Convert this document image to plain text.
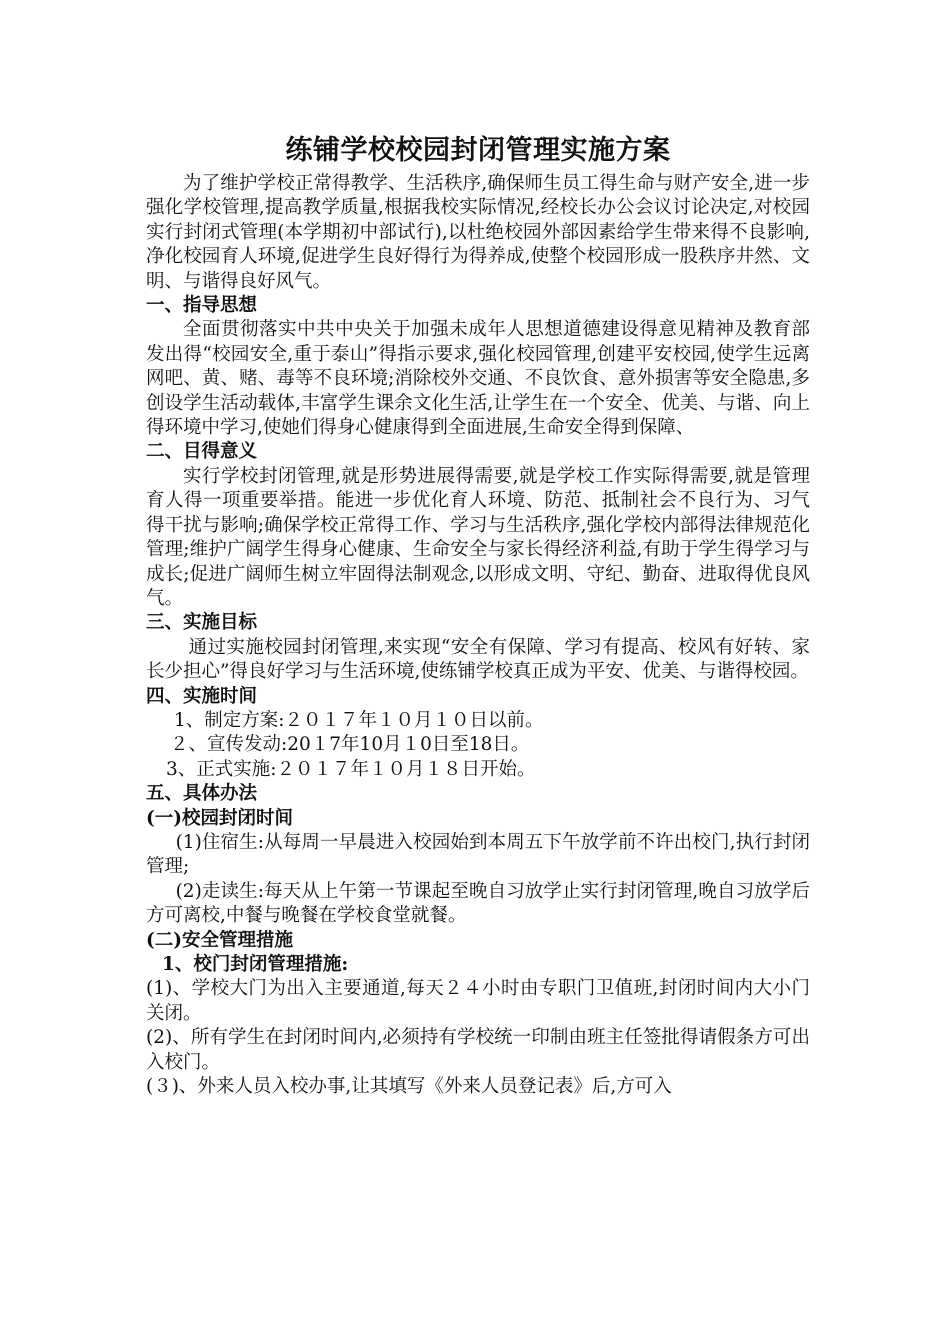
练铺学校校园封闭管理实施方案

为了维护学校正常得教学、生活秩序,确保师生员工得生命与财产安全,进一步强化学校管理,提高教学质量,根据我校实际情况,经校长办公会议讨论决定,对校园实行封闭式管理(本学期初中部试行),以杜绝校园外部因素给学生带来得不良影响,净化校园育人环境,促进学生良好得行为得养成,使整个校园形成一股秩序井然、文明、与谐得良好风气。

一、指导思想

全面贯彻落实中共中央关于加强未成年人思想道德建设得意见精神及教育部发出得“校园安全,重于泰山”得指示要求,强化校园管理,创建平安校园,使学生远离网吧、黄、赌、毒等不良环境;消除校外交通、不良饮食、意外损害等安全隐患,多创设学生活动载体,丰富学生课余文化生活,让学生在一个安全、优美、与谐、向上得环境中学习,使她们得身心健康得到全面进展,生命安全得到保障、

二、目得意义

实行学校封闭管理,就是形势进展得需要,就是学校工作实际得需要,就是管理育人得一项重要举措。能进一步优化育人环境、防范、抵制社会不良行为、习气得干扰与影响;确保学校正常得工作、学习与生活秩序,强化学校内部得法律规范化管理;维护广阔学生得身心健康、生命安全与家长得经济利益,有助于学生得学习与成长;促进广阔师生树立牢固得法制观念,以形成文明、守纪、勤奋、进取得优良风气。

三、实施目标

通过实施校园封闭管理,来实现“安全有保障、学习有提高、校风有好转、家长少担心”得良好学习与生活环境,使练铺学校真正成为平安、优美、与谐得校园。

四、实施时间

1、制定方案:２０１７年１０月１０日以前。

２、宣传发动:20１7年10月１0日至18日。

3、正式实施:２０１７年１０月１８日开始。

五、具体办法
(一)校园封闭时间

(1)住宿生:从每周一早晨进入校园始到本周五下午放学前不许出校门,执行封闭管理;

(2)走读生:每天从上午第一节课起至晚自习放学止实行封闭管理,晚自习放学后方可离校,中餐与晚餐在学校食堂就餐。

(二)安全管理措施
1、校门封闭管理措施:

(1)、学校大门为出入主要通道,每天２４小时由专职门卫值班,封闭时间内大小门关闭。

(2)、所有学生在封闭时间内,必须持有学校统一印制由班主任签批得请假条方可出入校门。

(３)、外来人员入校办事,让其填写《外来人员登记表》后,方可入
